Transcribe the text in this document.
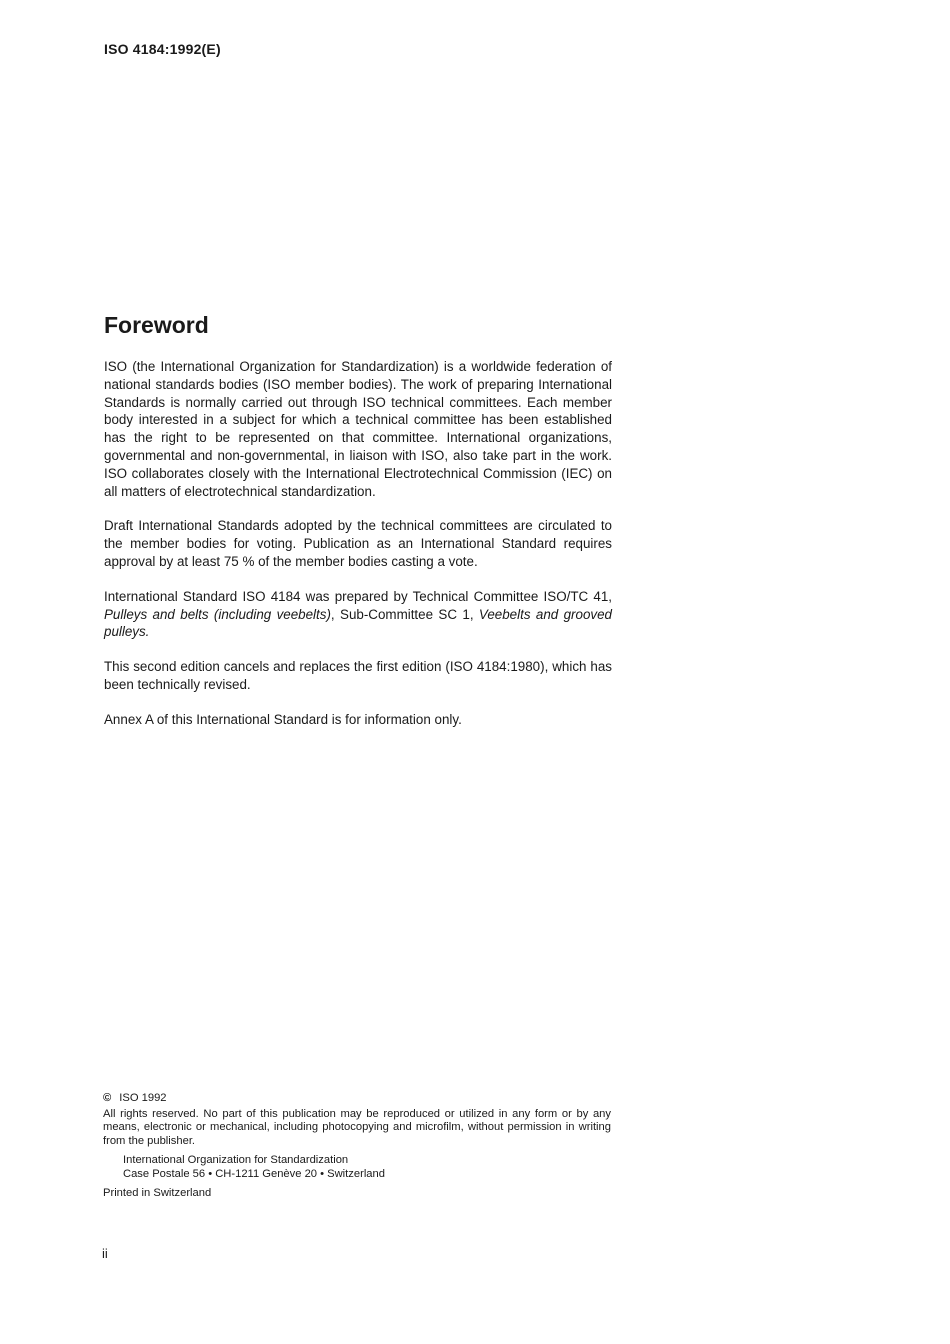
ISO 4184:1992(E)
Foreword

ISO (the International Organization for Standardization) is a worldwide federation of national standards bodies (ISO member bodies). The work of preparing International Standards is normally carried out through ISO technical committees. Each member body interested in a subject for which a technical committee has been established has the right to be represented on that committee. International organizations, governmental and non-governmental, in liaison with ISO, also take part in the work. ISO collaborates closely with the International Electrotechnical Commission (IEC) on all matters of electrotechnical standardization.

Draft International Standards adopted by the technical committees are circulated to the member bodies for voting. Publication as an International Standard requires approval by at least 75 % of the member bodies casting a vote.

International Standard ISO 4184 was prepared by Technical Committee ISO/TC 41, Pulleys and belts (including veebelts), Sub-Committee SC 1, Veebelts and grooved pulleys.

This second edition cancels and replaces the first edition (ISO 4184:1980), which has been technically revised.

Annex A of this International Standard is for information only.

© ISO 1992
All rights reserved. No part of this publication may be reproduced or utilized in any form or by any means, electronic or mechanical, including photocopying and microfilm, without permission in writing from the publisher.
International Organization for Standardization
Case Postale 56 • CH-1211 Genève 20 • Switzerland
Printed in Switzerland
ii
